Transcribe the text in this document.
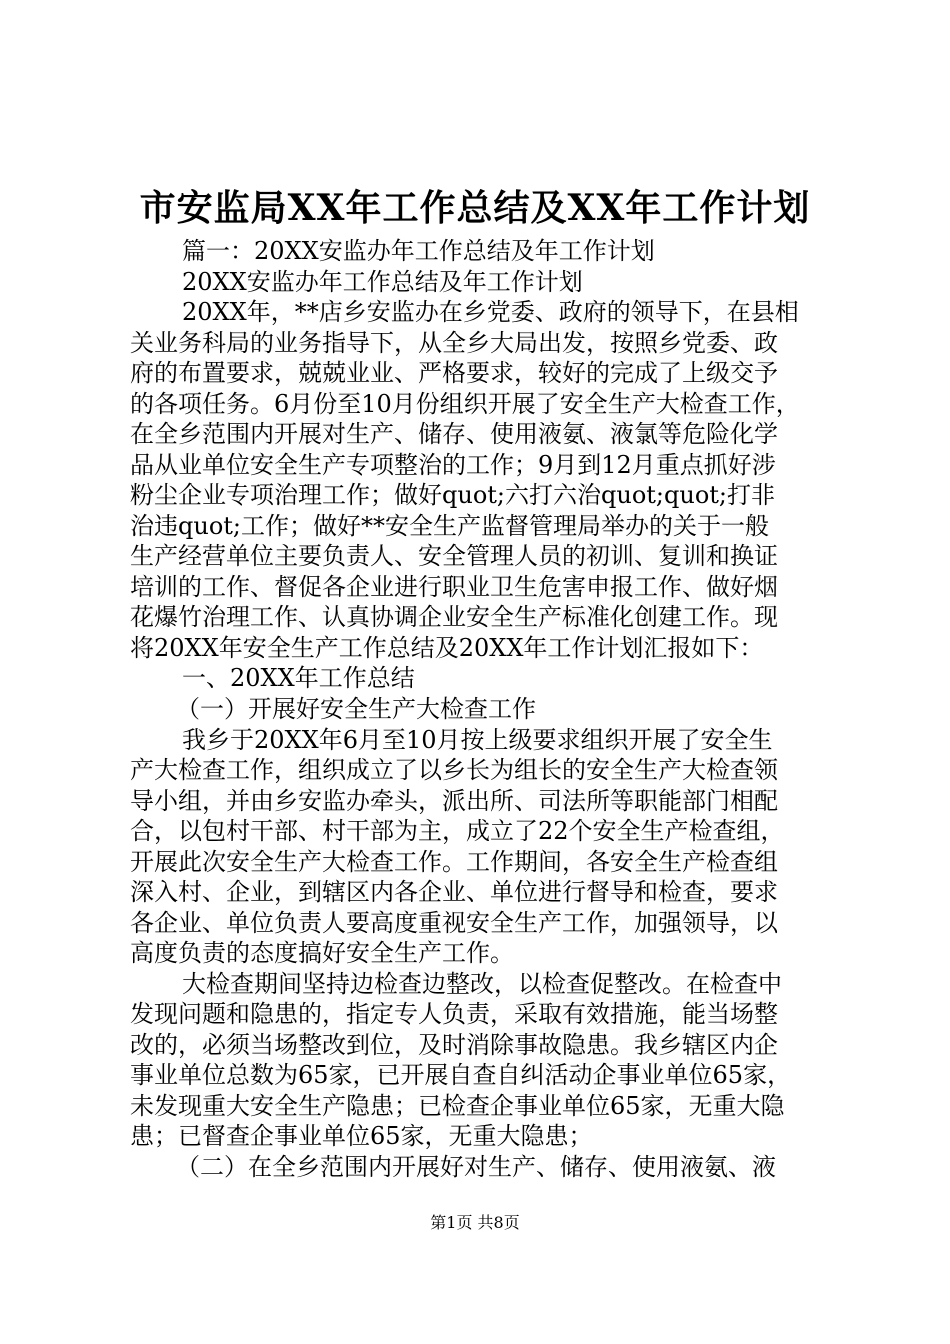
市安监局XX年工作总结及XX年工作计划

篇一：20XX安监办年工作总结及年工作计划

20XX安监办年工作总结及年工作计划

20XX年，**店乡安监办在乡党委、政府的领导下，在县相

关业务科局的业务指导下，从全乡大局出发，按照乡党委、政

府的布置要求，兢兢业业、严格要求，较好的完成了上级交予

的各项任务。6月份至10月份组织开展了安全生产大检查工作，

在全乡范围内开展对生产、储存、使用液氨、液氯等危险化学

品从业单位安全生产专项整治的工作；9月到12月重点抓好涉

粉尘企业专项治理工作；做好quot;六打六治quot;quot;打非

治违quot;工作；做好**安全生产监督管理局举办的关于一般

生产经营单位主要负责人、安全管理人员的初训、复训和换证

培训的工作、督促各企业进行职业卫生危害申报工作、做好烟

花爆竹治理工作、认真协调企业安全生产标准化创建工作。现

将20XX年安全生产工作总结及20XX年工作计划汇报如下：

一、20XX年工作总结

（一）开展好安全生产大检查工作

我乡于20XX年6月至10月按上级要求组织开展了安全生

产大检查工作，组织成立了以乡长为组长的安全生产大检查领

导小组，并由乡安监办牵头，派出所、司法所等职能部门相配

合，以包村干部、村干部为主，成立了22个安全生产检查组，

开展此次安全生产大检查工作。工作期间，各安全生产检查组

深入村、企业，到辖区内各企业、单位进行督导和检查，要求

各企业、单位负责人要高度重视安全生产工作，加强领导，以

高度负责的态度搞好安全生产工作。

大检查期间坚持边检查边整改，以检查促整改。在检查中

发现问题和隐患的，指定专人负责，采取有效措施，能当场整

改的，必须当场整改到位，及时消除事故隐患。我乡辖区内企

事业单位总数为65家，已开展自查自纠活动企事业单位65家，

未发现重大安全生产隐患；已检查企事业单位65家，无重大隐

患；已督查企事业单位65家，无重大隐患；

（二）在全乡范围内开展好对生产、储存、使用液氨、液

第1页 共8页
